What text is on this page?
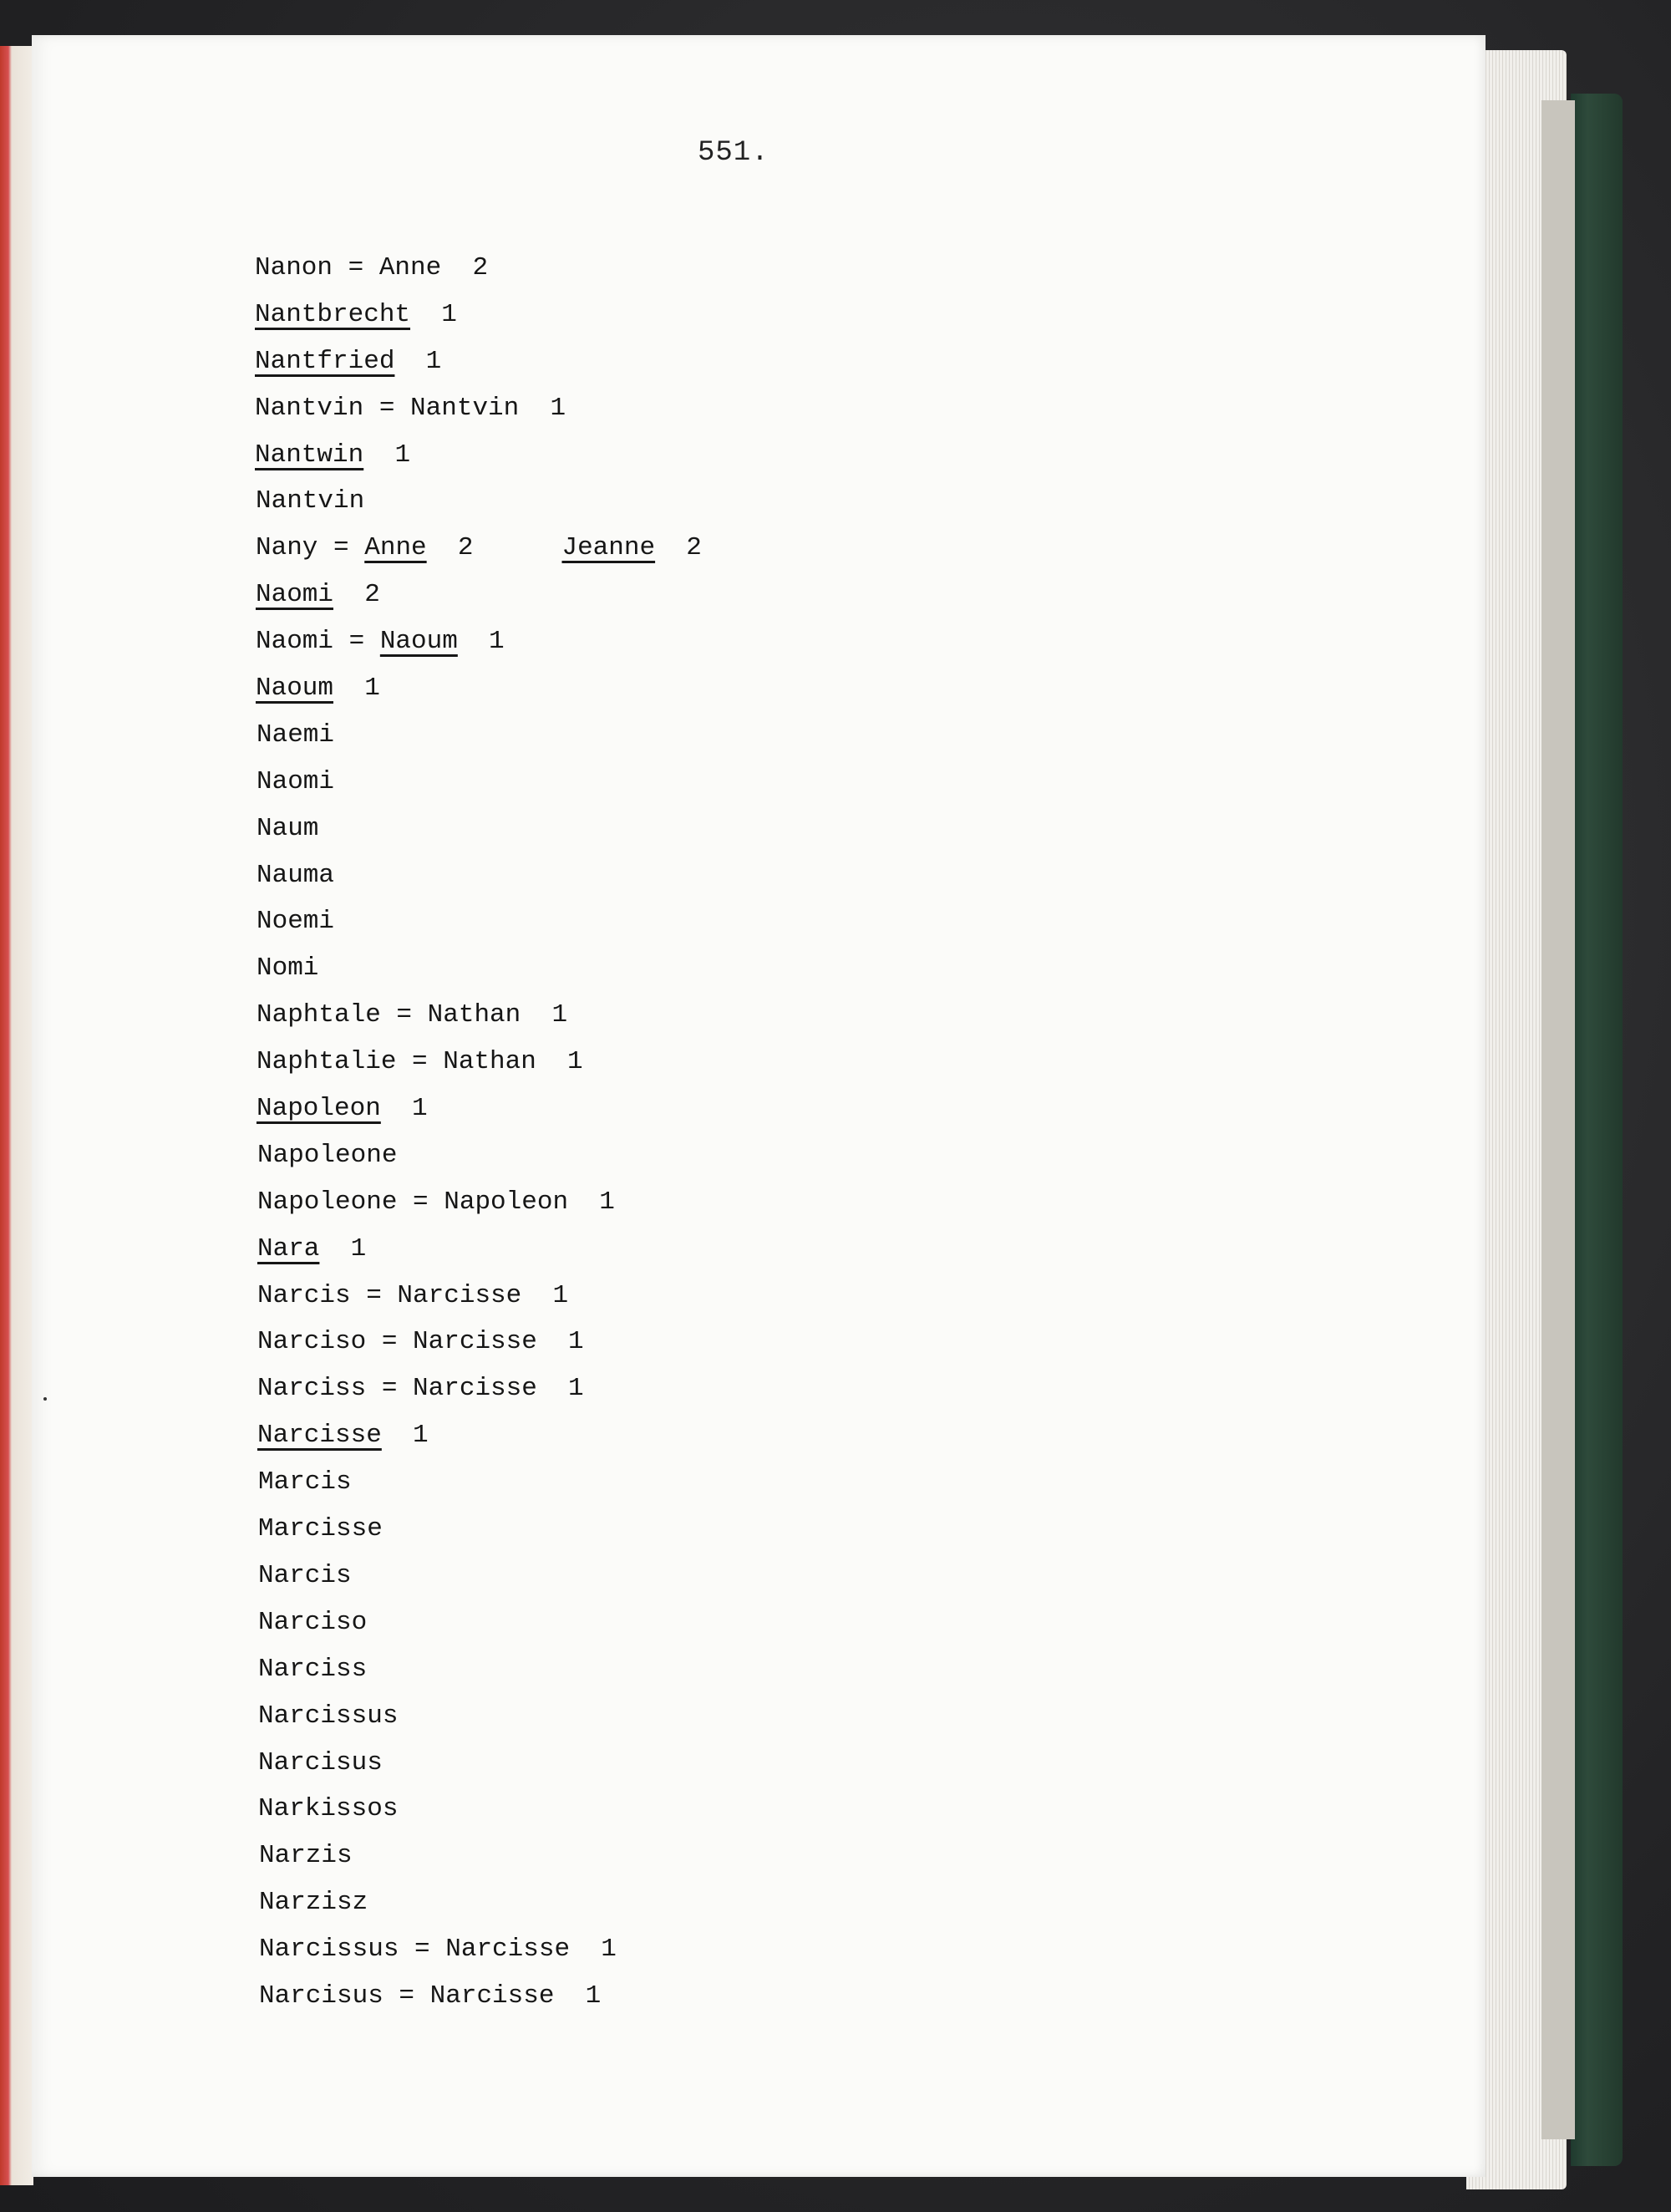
551.
Nanon = Anne  2
Nantbrecht  1
Nantfried  1
Nantvin = Nantvin  1
Nantwin  1
Nantvin
Nany = Anne  2	Jeanne  2
Naomi  2
Naomi = Naoum  1
Naoum  1
Naemi
Naomi
Naum
Nauma
Noemi
Nomi
Naphtale = Nathan  1
Naphtalie = Nathan  1
Napoleon  1
Napoleone
Napoleone = Napoleon  1
Nara  1
Narcis = Narcisse  1
Narciso = Narcisse  1
Narciss = Narcisse  1
Narcisse  1
Marcis
Marcisse
Narcis
Narciso
Narciss
Narcissus
Narcisus
Narkissos
Narzis
Narzisz
Narcissus = Narcisse  1
Narcisus = Narcisse  1
